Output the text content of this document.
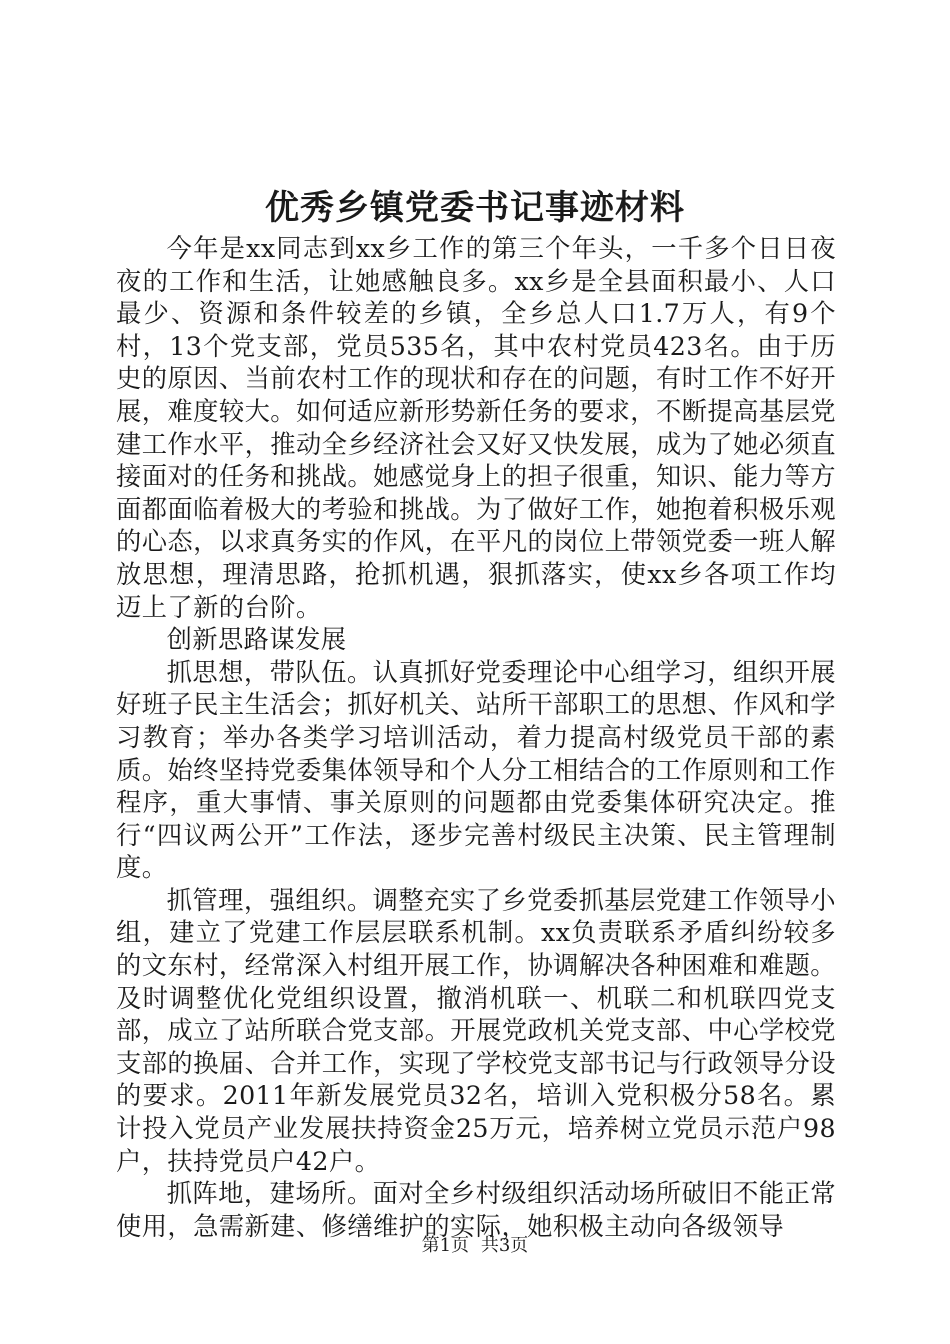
优秀乡镇党委书记事迹材料

今年是xx同志到xx乡工作的第三个年头，一千多个日日夜夜的工作和生活，让她感触良多。xx乡是全县面积最小、人口最少、资源和条件较差的乡镇，全乡总人口1.7万人，有9个村，13个党支部，党员535名，其中农村党员423名。由于历史的原因、当前农村工作的现状和存在的问题，有时工作不好开展，难度较大。如何适应新形势新任务的要求，不断提高基层党建工作水平，推动全乡经济社会又好又快发展，成为了她必须直接面对的任务和挑战。她感觉身上的担子很重，知识、能力等方面都面临着极大的考验和挑战。为了做好工作，她抱着积极乐观的心态，以求真务实的作风，在平凡的岗位上带领党委一班人解放思想，理清思路，抢抓机遇，狠抓落实，使xx乡各项工作均迈上了新的台阶。

创新思路谋发展

抓思想，带队伍。认真抓好党委理论中心组学习，组织开展好班子民主生活会；抓好机关、站所干部职工的思想、作风和学习教育；举办各类学习培训活动，着力提高村级党员干部的素质。始终坚持党委集体领导和个人分工相结合的工作原则和工作程序，重大事情、事关原则的问题都由党委集体研究决定。推行“四议两公开”工作法，逐步完善村级民主决策、民主管理制度。

抓管理，强组织。调整充实了乡党委抓基层党建工作领导小组，建立了党建工作层层联系机制。xx负责联系矛盾纠纷较多的文东村，经常深入村组开展工作，协调解决各种困难和难题。及时调整优化党组织设置，撤消机联一、机联二和机联四党支部，成立了站所联合党支部。开展党政机关党支部、中心学校党支部的换届、合并工作，实现了学校党支部书记与行政领导分设的要求。2011年新发展党员32名，培训入党积极分58名。累计投入党员产业发展扶持资金25万元，培养树立党员示范户98户，扶持党员户42户。

抓阵地，建场所。面对全乡村级组织活动场所破旧不能正常使用，急需新建、修缮维护的实际，她积极主动向各级领导

第1页 共3页
